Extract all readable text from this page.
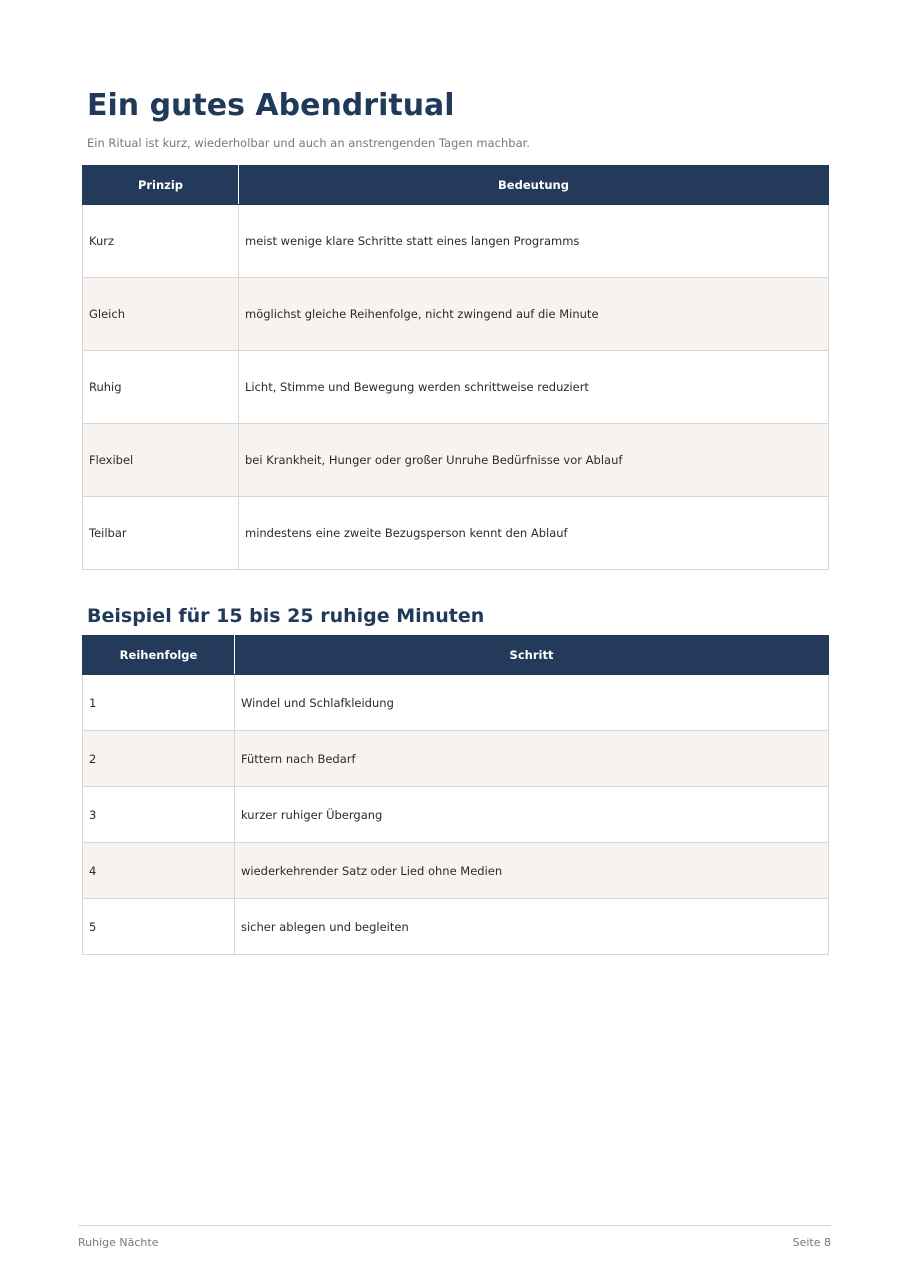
Ein gutes Abendritual

Ein Ritual ist kurz, wiederholbar und auch an anstrengenden Tagen machbar.

Prinzip	Bedeutung
Kurz	meist wenige klare Schritte statt eines langen Programms
Gleich	möglichst gleiche Reihenfolge, nicht zwingend auf die Minute
Ruhig	Licht, Stimme und Bewegung werden schrittweise reduziert
Flexibel	bei Krankheit, Hunger oder großer Unruhe Bedürfnisse vor Ablauf
Teilbar	mindestens eine zweite Bezugsperson kennt den Ablauf
Beispiel für 15 bis 25 ruhige Minuten
Reihenfolge	Schritt
1	Windel und Schlafkleidung
2	Füttern nach Bedarf
3	kurzer ruhiger Übergang
4	wiederkehrender Satz oder Lied ohne Medien
5	sicher ablegen und begleiten
Ruhige Nächte	Seite 8
